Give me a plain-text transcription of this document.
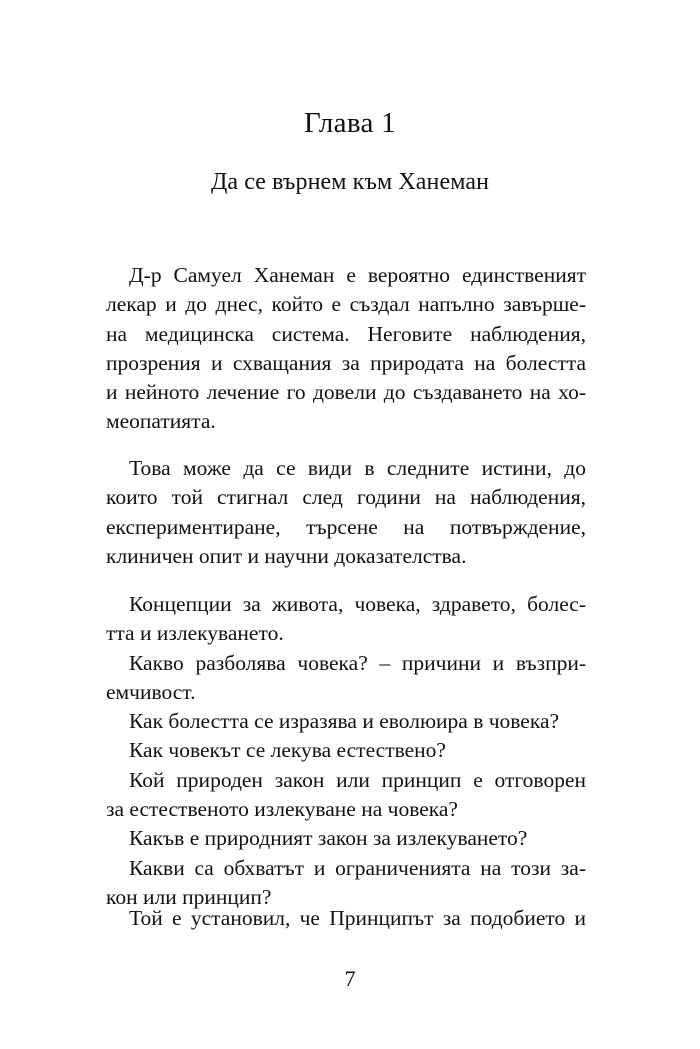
Глава 1
Да се върнем към Ханеман
Д-р Самуел Ханеман е вероятно единственият
лекар и до днес, който е създал напълно завърше-
на медицинска система. Неговите наблюдения,
прозрения и схващания за природата на болестта
и нейното лечение го довели до създаването на хо-
меопатията.
Това може да се види в следните истини, до
които той стигнал след години на наблюдения,
експериментиране, търсене на потвърждение,
клиничен опит и научни доказателства.
Концепции за живота, човека, здравето, болес-
тта и излекуването.
Какво разболява човека? – причини и възпри-
емчивост.
Как болестта се изразява и еволюира в човека?
Как човекът се лекува естествено?
Кой природен закон или принцип е отговорен
за естественото излекуване на човека?
Какъв е природният закон за излекуването?
Какви са обхватът и ограниченията на този за-
кон или принцип?
Той е установил, че Принципът за подобието и
7
